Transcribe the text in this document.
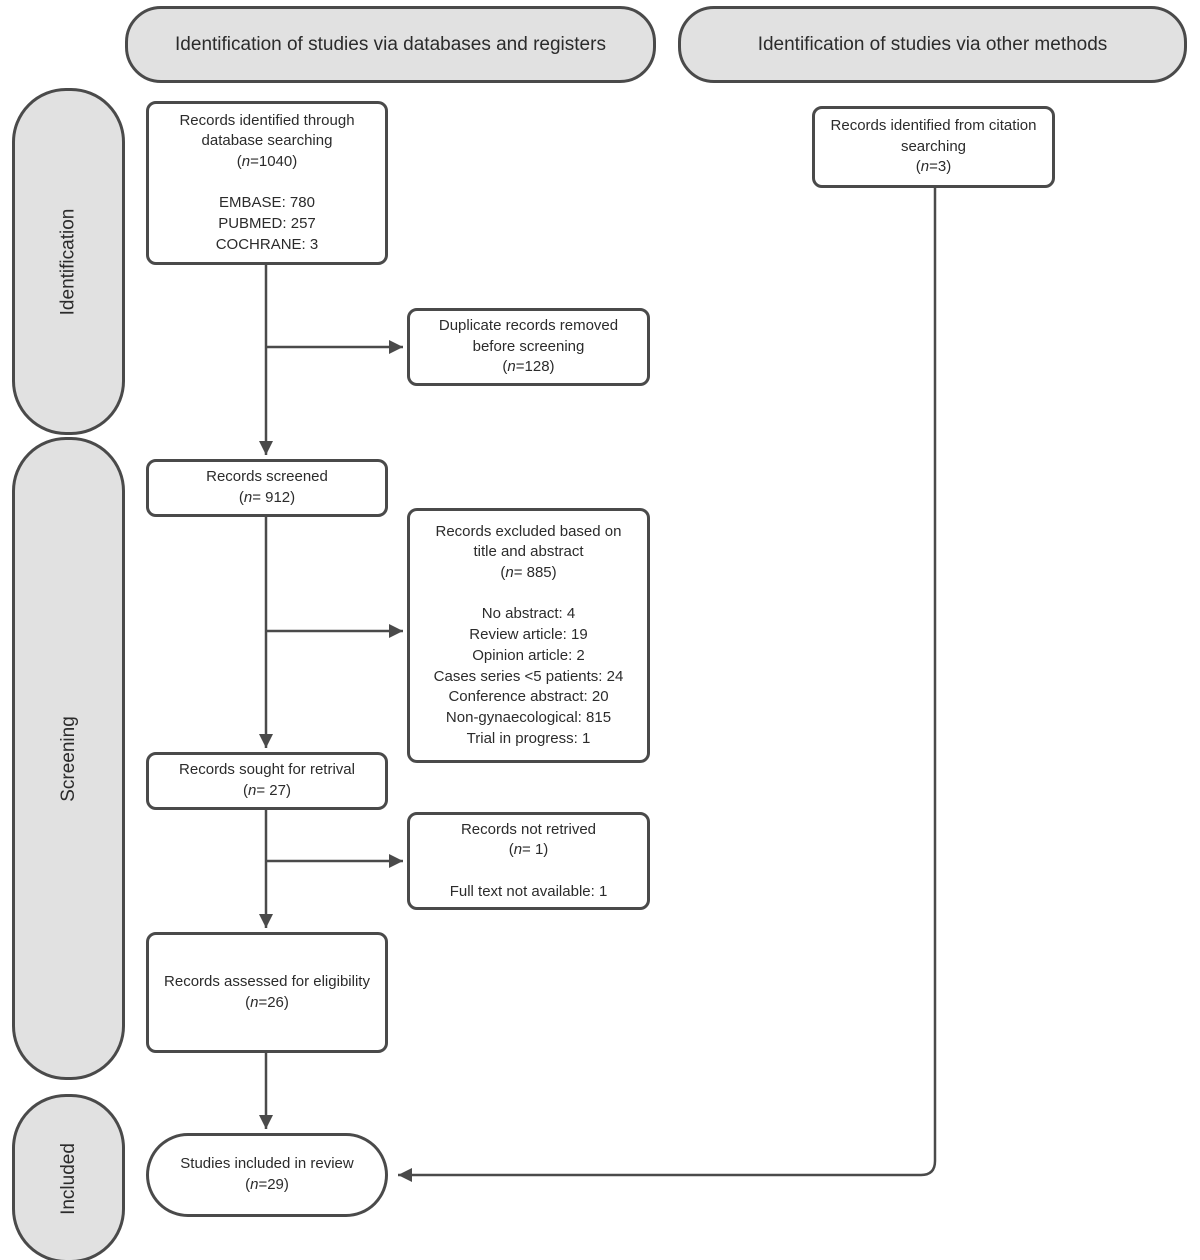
Identification of studies via databases and registers	Identification of studies via other methods
Identification
Screening
Included
Records identified through
database searching
(n=1040)

EMBASE: 780
PUBMED: 257
COCHRANE: 3
Records identified from citation
searching
(n=3)
Duplicate records removed
before screening
(n=128)
Records screened
(n= 912)
Records excluded based on
title and abstract
(n= 885)

No abstract: 4
Review article: 19
Opinion article: 2
Cases series <5 patients: 24
Conference abstract: 20
Non-gynaecological: 815
Trial in progress: 1
Records sought for retrival
(n= 27)
Records not retrived
(n= 1)

Full text not available: 1
Records assessed for eligibility
(n=26)
Studies included in review
(n=29)
